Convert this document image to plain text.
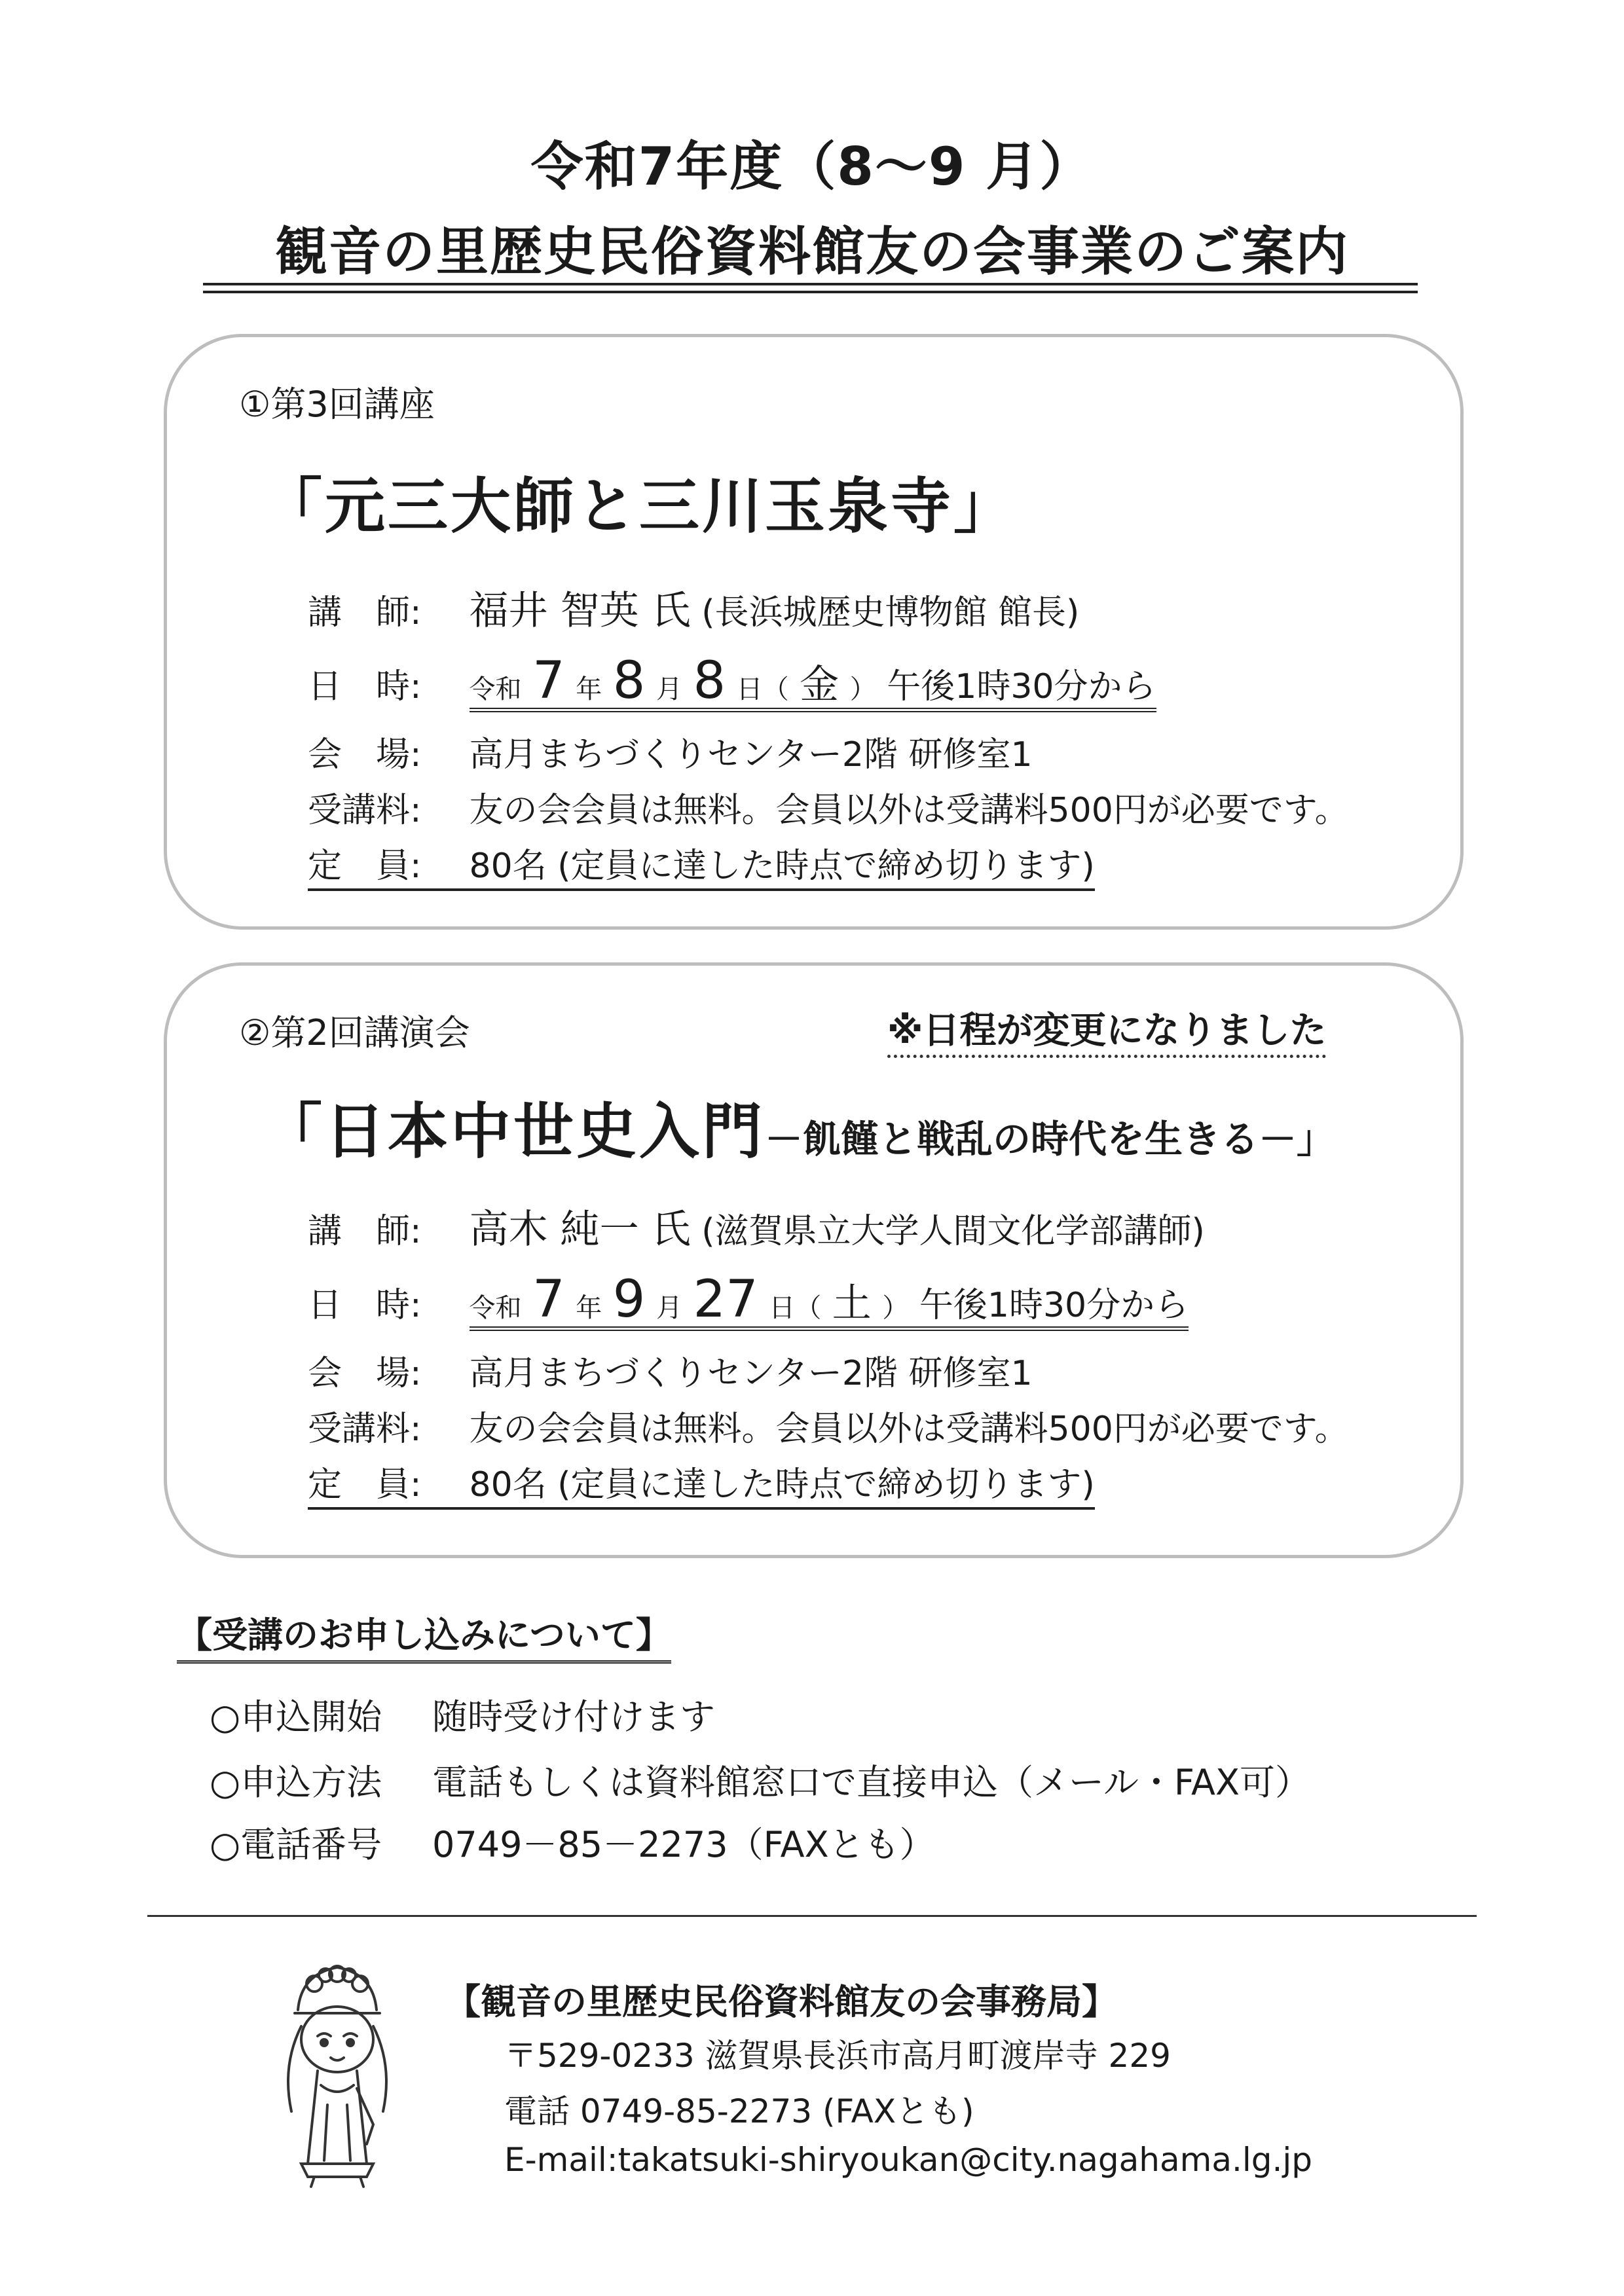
令和7年度（8～9 月）
観音の里歴史民俗資料館友の会事業のご案内
①第3回講座
「元三大師と三川玉泉寺」
講　師: 福井 智英 氏 (長浜城歴史博物館 館長)
日　時: 令和 7 年 8 月 8 日（ 金 ） 午後1時30分から
会　場: 高月まちづくりセンター2階 研修室1
受講料: 友の会会員は無料。会員以外は受講料500円が必要です。
定　員: 80名 (定員に達した時点で締め切ります)
②第2回講演会	※日程が変更になりました
「日本中世史入門－飢饉と戦乱の時代を生きる－」
講　師: 高木 純一 氏 (滋賀県立大学人間文化学部講師)
日　時: 令和 7 年 9 月 27 日（ 土 ） 午後1時30分から
会　場: 高月まちづくりセンター2階 研修室1
受講料: 友の会会員は無料。会員以外は受講料500円が必要です。
定　員: 80名 (定員に達した時点で締め切ります)
【受講のお申し込みについて】
○申込開始 随時受け付けます
○申込方法 電話もしくは資料館窓口で直接申込（メール・FAX可）
○電話番号 0749－85－2273（FAXとも）
【観音の里歴史民俗資料館友の会事務局】
〒529-0233 滋賀県長浜市高月町渡岸寺 229
電話 0749-85-2273 (FAXとも)
E-mail:takatsuki-shiryoukan@city.nagahama.lg.jp
